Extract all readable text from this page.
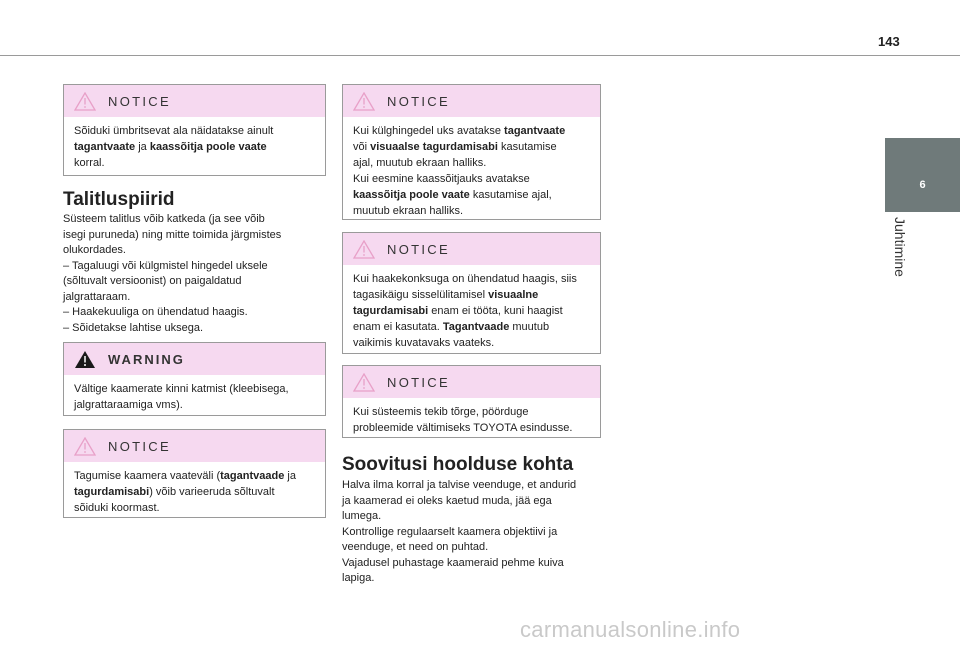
143
6
Juhtimine
NOTICE

Sõiduki ümbritsevat ala näidatakse ainult

tagantvaate ja kaassõitja poole vaate

korral.

Talitluspiirid

Süsteem talitlus võib katkeda (ja see võib

isegi puruneda) ning mitte toimida järgmistes

olukordades.

– Tagaluugi või külgmistel hingedel uksele

(sõltuvalt versioonist) on paigaldatud

jalgrattaraam.

– Haakekuuliga on ühendatud haagis.

– Sõidetakse lahtise uksega.

WARNING

Vältige kaamerate kinni katmist (kleebisega,

jalgrattaraamiga vms).

NOTICE

Tagumise kaamera vaateväli (tagantvaade ja

tagurdamisabi) võib varieeruda sõltuvalt

sõiduki koormast.

NOTICE

Kui külghingedel uks avatakse tagantvaate

või visuaalse tagurdamisabi kasutamise

ajal, muutub ekraan halliks.

Kui eesmine kaassõitjauks avatakse

kaassõitja poole vaate kasutamise ajal,

muutub ekraan halliks.

NOTICE

Kui haakekonksuga on ühendatud haagis, siis

tagasikäigu sisselülitamisel visuaalne

tagurdamisabi enam ei tööta, kuni haagist

enam ei kasutata. Tagantvaade muutub

vaikimis kuvatavaks vaateks.

NOTICE

Kui süsteemis tekib tõrge, pöörduge

probleemide vältimiseks TOYOTA esindusse.

Soovitusi hoolduse kohta

Halva ilma korral ja talvise veenduge, et andurid

ja kaamerad ei oleks kaetud muda, jää ega

lumega.

Kontrollige regulaarselt kaamera objektiivi ja

veenduge, et need on puhtad.

Vajadusel puhastage kaameraid pehme kuiva

lapiga.

carmanualsonline.info
